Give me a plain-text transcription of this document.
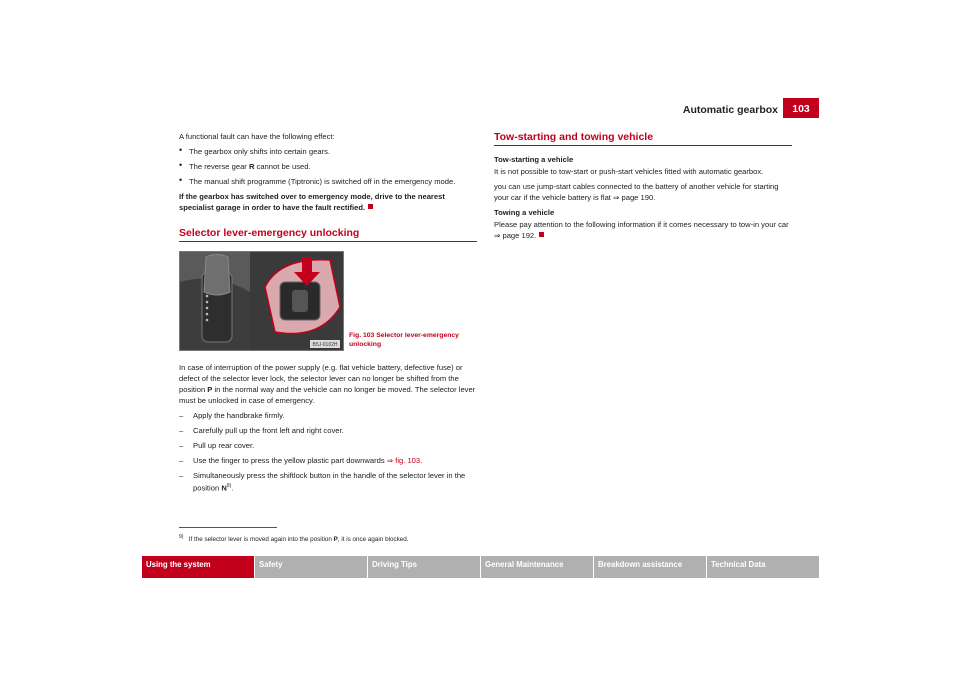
Automatic gearbox	103

A functional fault can have the following effect:

• The gearbox only shifts into certain gears.
• The reverse gear R cannot be used.
• The manual shift programme (Tiptronic) is switched off in the emergency mode.

If the gearbox has switched over to emergency mode, drive to the nearest specialist garage in order to have the fault rectified.

Selector lever-emergency unlocking
B5J-0102H
Fig. 103 Selector lever-emergency unlocking

In case of interruption of the power supply (e.g. flat vehicle battery, defective fuse) or defect of the selector lever lock, the selector lever can no longer be shifted from the position P in the normal way and the vehicle can no longer be moved. The selector lever must be unlocked in case of emergency.

– Apply the handbrake firmly.
– Carefully pull up the front left and right cover.
– Pull up rear cover.
– Use the finger to press the yellow plastic part downwards ⇒ fig. 103.
– Simultaneously press the shiftlock button in the handle of the selector lever in the position $N^{9)}$.
Tow-starting and towing vehicle

Tow-starting a vehicle

It is not possible to tow-start or push-start vehicles fitted with automatic gearbox.

you can use jump-start cables connected to the battery of another vehicle for starting your car if the vehicle battery is flat ⇒ page 190.

Towing a vehicle

Please pay attention to the following information if it comes necessary to tow-in your car ⇒ page 192.

$^{9)}$ If the selector lever is moved again into the position P, it is once again blocked.
Using the system	Safety	Driving Tips	General Maintenance	Breakdown assistance	Technical Data
